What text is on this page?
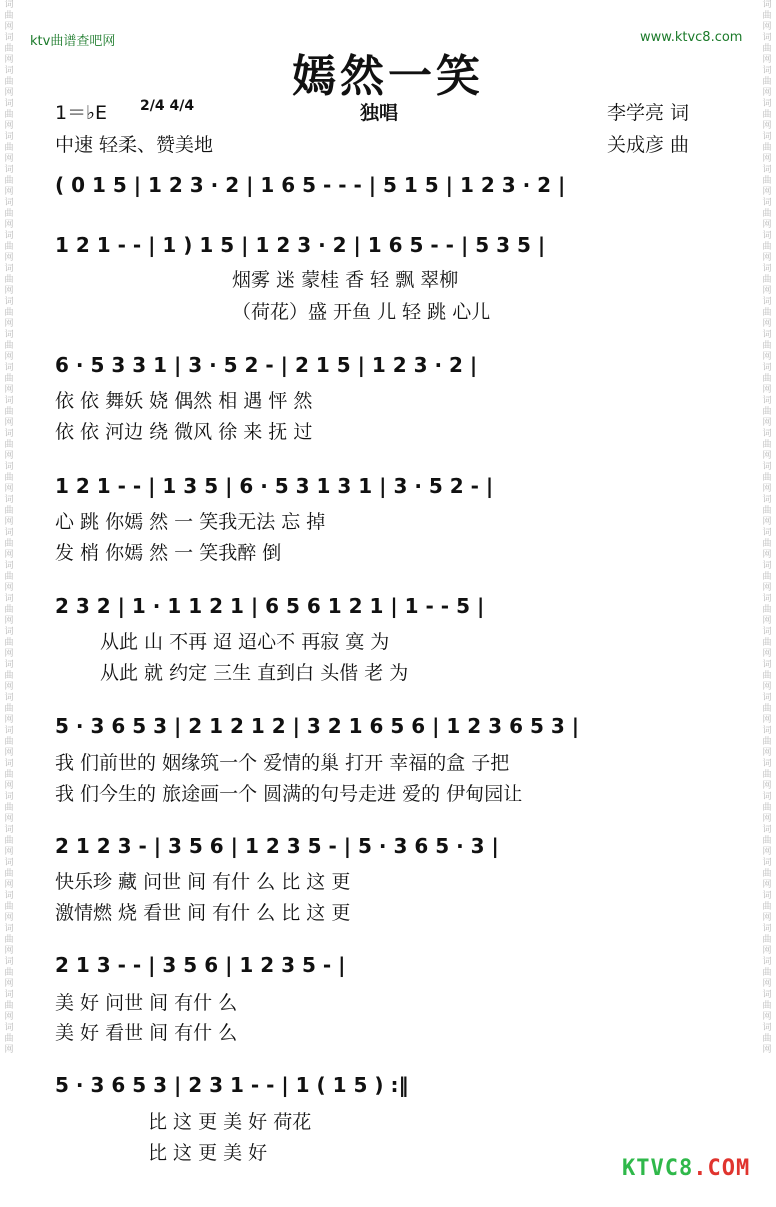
词曲网词曲网词曲网词曲网词曲网词曲网词曲网词曲网词曲网词曲网词曲网词曲网词曲网词曲网词曲网词曲网词曲网词曲网词曲网词曲网词曲网词曲网词曲网词曲网词曲网词曲网词曲网词曲网词曲网词曲网词曲网词曲网
词曲网词曲网词曲网词曲网词曲网词曲网词曲网词曲网词曲网词曲网词曲网词曲网词曲网词曲网词曲网词曲网词曲网词曲网词曲网词曲网词曲网词曲网词曲网词曲网词曲网词曲网词曲网词曲网词曲网词曲网词曲网词曲网
ktv曲谱查吧网	www.ktvc8.com
嫣然一笑
1＝♭E 2/4 4/4	独唱	李学亮 词
中速 轻柔、赞美地	关成彦 曲
( 0 1 5 | 1 2 3 · 2 | 1 6 5 - - - | 5 1 5 | 1 2 3 · 2 |
1 2 1 - - | 1 ) 1 5 | 1 2 3 · 2 | 1 6 5 - - | 5 3 5 |
烟雾 迷 蒙桂 香 轻 飘 翠柳
（荷花）盛 开鱼 儿 轻 跳 心儿
6 · 5 3 3 1 | 3 · 5 2 - | 2 1 5 | 1 2 3 · 2 |
依 依 舞妖 娆 偶然 相 遇 怦 然
依 依 河边 绕 微风 徐 来 抚 过
1 2 1 - - | 1 3 5 | 6 · 5 3 1 3 1 | 3 · 5 2 - |
心 跳 你嫣 然 一 笑我无法 忘 掉
发 梢 你嫣 然 一 笑我醉 倒
2 3 2 | 1 · 1 1 2 1 | 6 5 6 1 2 1 | 1 - - 5 |
从此 山 不再 迢 迢心不 再寂 寞 为
从此 就 约定 三生 直到白 头偕 老 为
5 · 3 6 5 3 | 2 1 2 1 2 | 3 2 1 6 5 6 | 1 2 3 6 5 3 |
我 们前世的 姻缘筑一个 爱情的巢 打开 幸福的盒 子把
我 们今生的 旅途画一个 圆满的句号走进 爱的 伊甸园让
2 1 2 3 - | 3 5 6 | 1 2 3 5 - | 5 · 3 6 5 · 3 |
快乐珍 藏 问世 间 有什 么 比 这 更
激情燃 烧 看世 间 有什 么 比 这 更
2 1 3 - - | 3 5 6 | 1 2 3 5 - |
美 好 问世 间 有什 么
美 好 看世 间 有什 么
5 · 3 6 5 3 | 2 3 1 - - | 1 ( 1 5 ) :‖
比 这 更 美 好 荷花
比 这 更 美 好
KTVC8.COM
